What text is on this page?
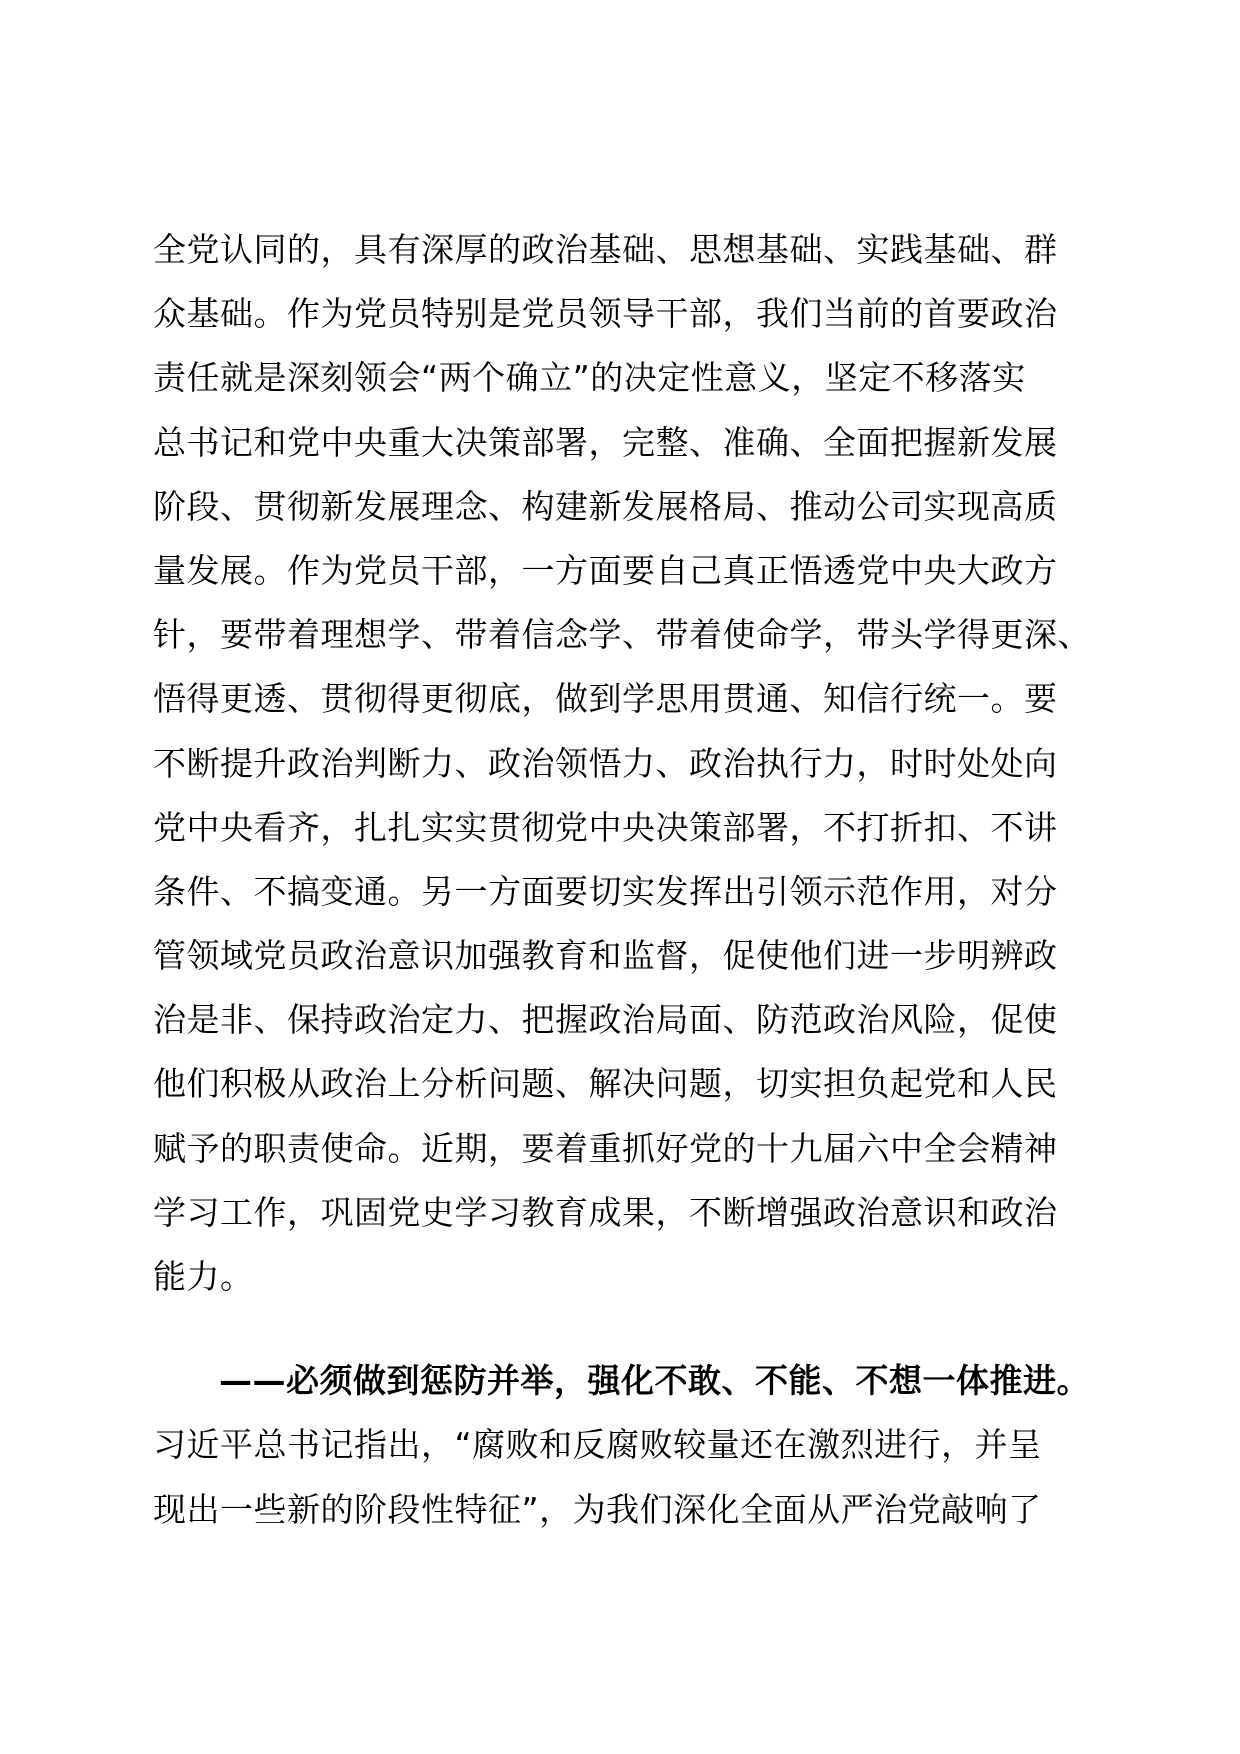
全党认同的，具有深厚的政治基础、思想基础、实践基础、群
众基础。作为党员特别是党员领导干部，我们当前的首要政治
责任就是深刻领会“两个确立”的决定性意义，坚定不移落实
总书记和党中央重大决策部署，完整、准确、全面把握新发展
阶段、贯彻新发展理念、构建新发展格局、推动公司实现高质
量发展。作为党员干部，一方面要自己真正悟透党中央大政方
针，要带着理想学、带着信念学、带着使命学，带头学得更深、
悟得更透、贯彻得更彻底，做到学思用贯通、知信行统一。要
不断提升政治判断力、政治领悟力、政治执行力，时时处处向
党中央看齐，扎扎实实贯彻党中央决策部署，不打折扣、不讲
条件、不搞变通。另一方面要切实发挥出引领示范作用，对分
管领域党员政治意识加强教育和监督，促使他们进一步明辨政
治是非、保持政治定力、把握政治局面、防范政治风险，促使
他们积极从政治上分析问题、解决问题，切实担负起党和人民
赋予的职责使命。近期，要着重抓好党的十九届六中全会精神
学习工作，巩固党史学习教育成果，不断增强政治意识和政治
能力。
——必须做到惩防并举，强化不敢、不能、不想一体推进。
习近平总书记指出，“腐败和反腐败较量还在激烈进行，并呈
现出一些新的阶段性特征”，为我们深化全面从严治党敲响了
